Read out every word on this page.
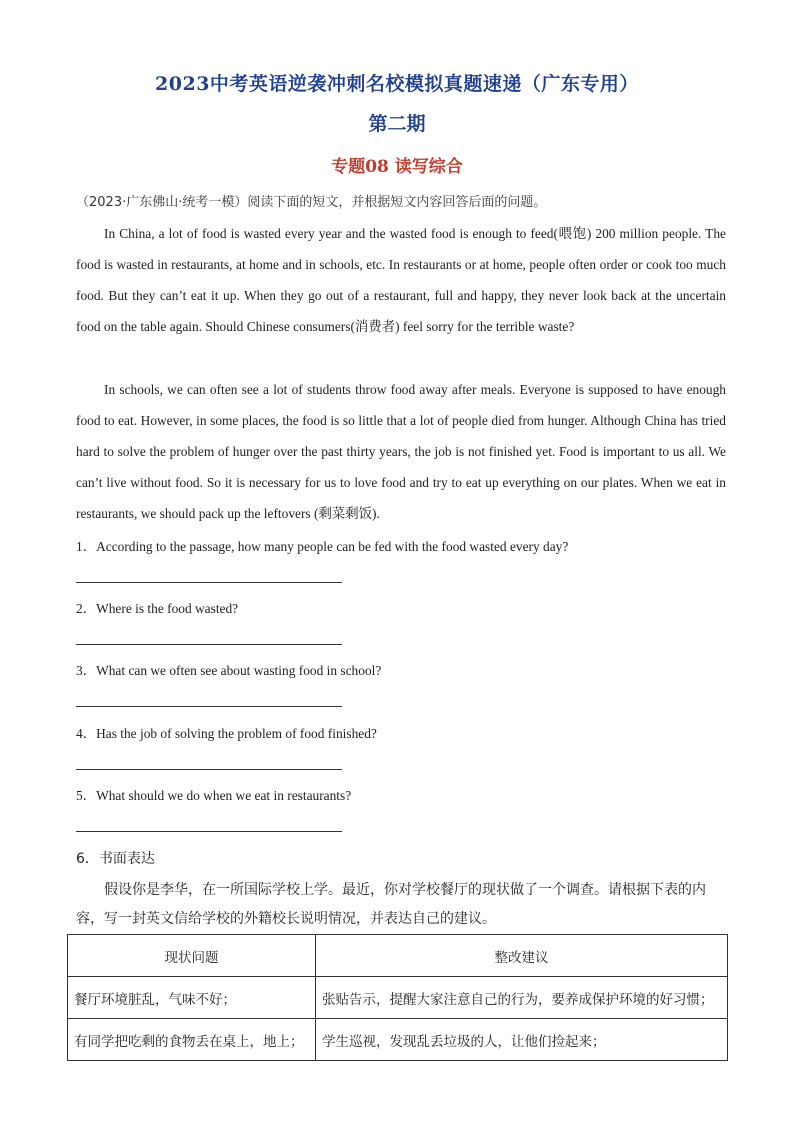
2023中考英语逆袭冲刺名校模拟真题速递（广东专用）
第二期
专题08 读写综合
（2023·广东佛山·统考一模）阅读下面的短文，并根据短文内容回答后面的问题。
In China, a lot of food is wasted every year and the wasted food is enough to feed(喂饱) 200 million people. The food is wasted in restaurants, at home and in schools, etc. In restaurants or at home, people often order or cook too much food. But they can’t eat it up. When they go out of a restaurant, full and happy, they never look back at the uncertain food on the table again. Should Chinese consumers(消费者) feel sorry for the terrible waste?
In schools, we can often see a lot of students throw food away after meals. Everyone is supposed to have enough food to eat. However, in some places, the food is so little that a lot of people died from hunger. Although China has tried hard to solve the problem of hunger over the past thirty years, the job is not finished yet. Food is important to us all. We can’t live without food. So it is necessary for us to love food and try to eat up everything on our plates. When we eat in restaurants, we should pack up the leftovers (剩菜剩饭).
1．According to the passage, how many people can be fed with the food wasted every day?
2．Where is the food wasted?
3．What can we often see about wasting food in school?
4．Has the job of solving the problem of food finished?
5．What should we do when we eat in restaurants?
6．书面表达
假设你是李华，在一所国际学校上学。最近，你对学校餐厅的现状做了一个调查。请根据下表的内容，写一封英文信给学校的外籍校长说明情况，并表达自己的建议。
现状问题	整改建议
餐厅环境脏乱，气味不好；	张贴告示，提醒大家注意自己的行为，要养成保护环境的好习惯；
有同学把吃剩的食物丢在桌上，地上；	学生巡视，发现乱丢垃圾的人，让他们捡起来；
